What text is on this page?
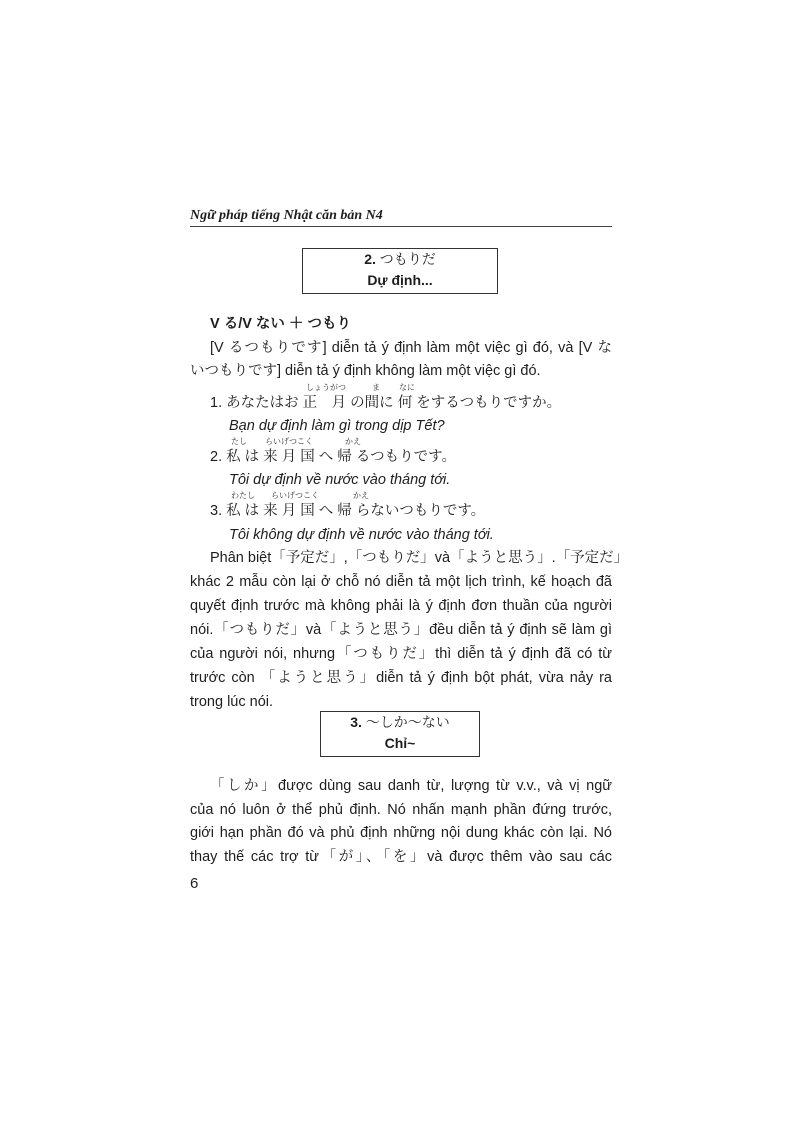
Ngữ pháp tiếng Nhật căn bản N4
2. つもりだ
Dự định...
V る/V ない ＋ つもり
[V るつもりです] diễn tả ý định làm một việc gì đó, và [V な
いつもりです] diễn tả ý định không làm một việc gì đó.
しょうがつ	ま なに
1. あなたはお 正　月 の間に 何 をするつもりですか。
Bạn dự định làm gì trong dịp Tết?
たし らいげつこく	かえ
2. 私 は 来 月 国 へ 帰 るつもりです。
Tôi dự định về nước vào tháng tới.
わたし らいげつこく	かえ
3. 私 は 来 月 国 へ 帰 らないつもりです。
Tôi không dự định về nước vào tháng tới.
Phân biệt「予定だ」,「つもりだ」và「ようと思う」.「予定だ」
khác 2 mẫu còn lại ở chỗ nó diễn tả một lịch trình, kế hoạch đã
quyết định trước mà không phải là ý định đơn thuần của người
nói.「つもりだ」và「ようと思う」đều diễn tả ý định sẽ làm gì
của người nói, nhưng「つもりだ」thì diễn tả ý định đã có từ
trước còn 「ようと思う」diễn tả ý định bột phát, vừa nảy ra
trong lúc nói.
3. ～しか～ない
Chỉ~
「しか」được dùng sau danh từ, lượng từ v.v., và vị ngữ
của nó luôn ở thể phủ định. Nó nhấn mạnh phần đứng trước,
giới hạn phần đó và phủ định những nội dung khác còn lại. Nó
thay thế các trợ từ「が」、「を」và được thêm vào sau các
6
